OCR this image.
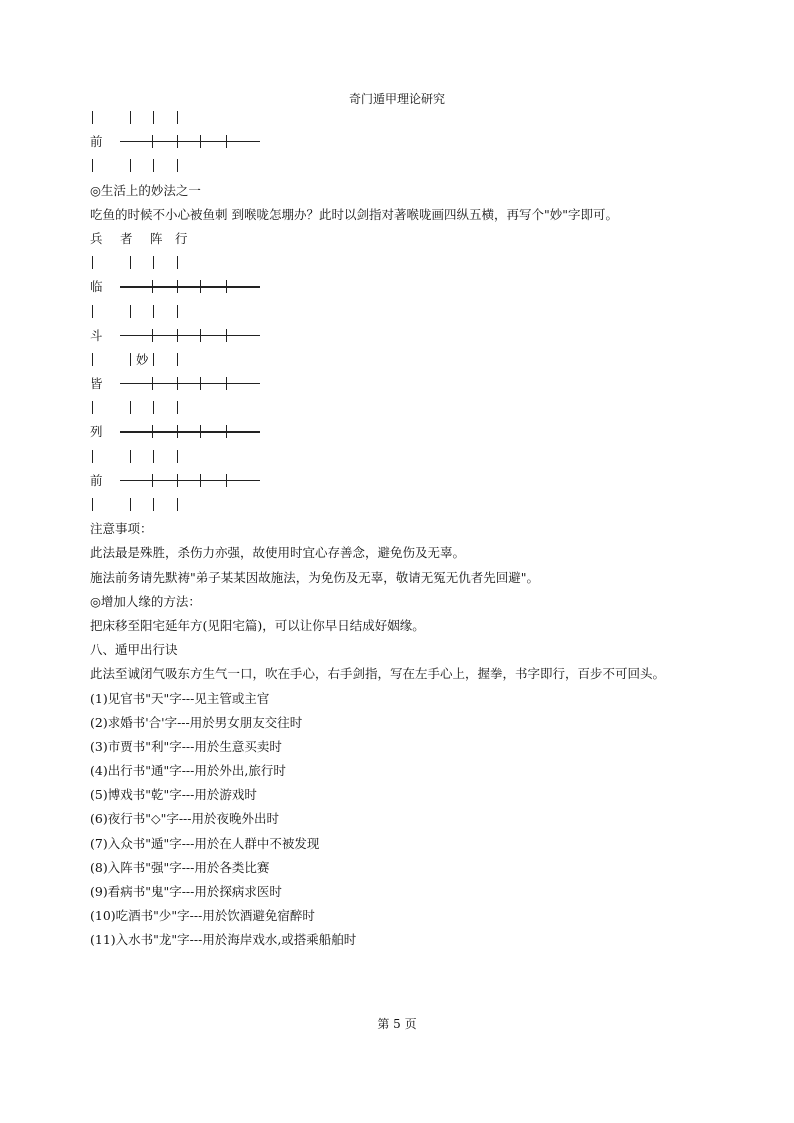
奇门遁甲理论研究
前
◎生活上的妙法之一
吃鱼的时候不小心被鱼刺 到喉咙怎堋办？此时以剑指对著喉咙画四纵五横，再写个"妙"字即可。
兵 者 阵 行
临
斗
妙
皆
列
前
注意事项：
此法最是殊胜，杀伤力亦强，故使用时宜心存善念，避免伤及无辜。
施法前务请先默祷"弟子某某因故施法，为免伤及无辜，敬请无冤无仇者先回避"。
◎增加人缘的方法：
把床移至阳宅延年方(见阳宅篇)，可以让你早日结成好姻缘。
八、遁甲出行诀
此法至诚闭气吸东方生气一口，吹在手心，右手剑指，写在左手心上，握拳，书字即行，百步不可回头。
(1)见官书"天"字---见主管或主官
(2)求婚书'合'字---用於男女朋友交往时
(3)市贾书"利"字---用於生意买卖时
(4)出行书"通"字---用於外出,旅行时
(5)博戏书"乾"字---用於游戏时
(6)夜行书"◇"字---用於夜晚外出时
(7)入众书"遁"字---用於在人群中不被发现
(8)入阵书"强"字---用於各类比赛
(9)看病书"鬼"字---用於探病求医时
(10)吃酒书"少"字---用於饮酒避免宿醉时
(11)入水书"龙"字---用於海岸戏水,或搭乘船舶时
第 5 页
